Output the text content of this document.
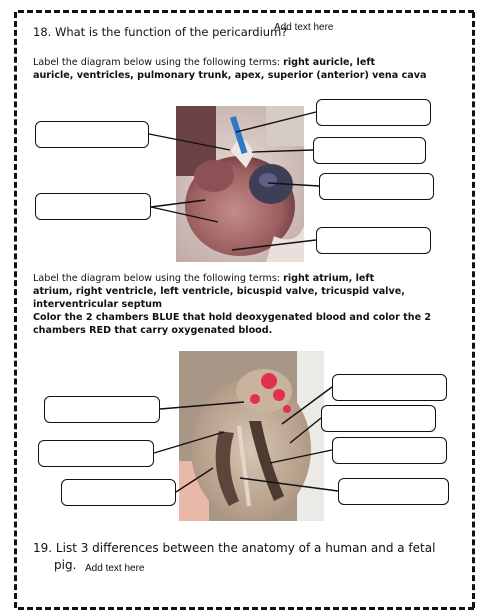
18. What is the function of the pericardium?
Add text here
Label the diagram below using the following terms: right auricle, left
auricle, ventricles, pulmonary trunk, apex, superior (anterior) vena cava
Label the diagram below using the following terms: right atrium, left
atrium, right ventricle, left ventricle, bicuspid valve, tricuspid valve,
interventricular septum
Color the 2 chambers BLUE that hold deoxygenated blood and color the 2
chambers RED that carry oxygenated blood.
19. List 3 differences between the anatomy of a human and a fetal
pig. Add text here
